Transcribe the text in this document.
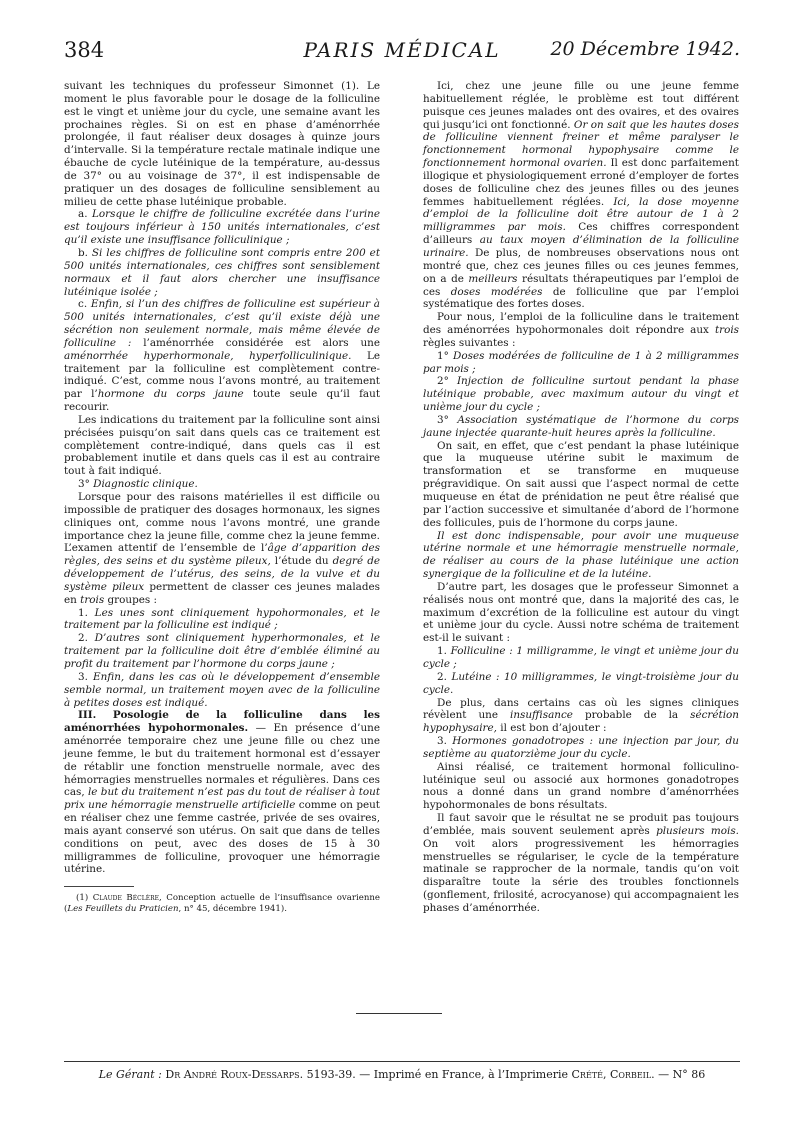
384	PARIS MÉDICAL	20 Décembre 1942.

suivant les techniques du professeur Simonnet (1). Le moment le plus favorable pour le dosage de la folliculine est le vingt et unième jour du cycle, une semaine avant les prochaines règles. Si on est en phase d’aménorrhée prolongée, il faut réaliser deux dosages à quinze jours d’intervalle. Si la température rectale matinale indique une ébauche de cycle lutéinique de la température, au-dessus de 37° ou au voisinage de 37°, il est indispensable de pratiquer un des dosages de folliculine sensiblement au milieu de cette phase lutéinique probable.

a. Lorsque le chiffre de folliculine excrétée dans l’urine est toujours inférieur à 150 unités internationales, c’est qu’il existe une insuffisance folliculinique ;

b. Si les chiffres de folliculine sont compris entre 200 et 500 unités internationales, ces chiffres sont sensiblement normaux et il faut alors chercher une insuffisance lutéinique isolée ;

c. Enfin, si l’un des chiffres de folliculine est supérieur à 500 unités internationales, c’est qu’il existe déjà une sécrétion non seulement normale, mais même élevée de folliculine : l’aménorrhée considérée est alors une aménorrhée hyperhormonale, hyperfolliculinique. Le traitement par la folliculine est complètement contre-indiqué. C’est, comme nous l’avons montré, au traitement par l’hormone du corps jaune toute seule qu’il faut recourir.

Les indications du traitement par la folliculine sont ainsi précisées puisqu’on sait dans quels cas ce traitement est complètement contre-indiqué, dans quels cas il est probablement inutile et dans quels cas il est au contraire tout à fait indiqué.

3° Diagnostic clinique.

Lorsque pour des raisons matérielles il est difficile ou impossible de pratiquer des dosages hormonaux, les signes cliniques ont, comme nous l’avons montré, une grande importance chez la jeune fille, comme chez la jeune femme. L’examen attentif de l’ensemble de l’âge d’apparition des règles, des seins et du système pileux, l’étude du degré de développement de l’utérus, des seins, de la vulve et du système pileux permettent de classer ces jeunes malades en trois groupes :

1. Les unes sont cliniquement hypohormonales, et le traitement par la folliculine est indiqué ;

2. D’autres sont cliniquement hyperhormonales, et le traitement par la folliculine doit être d’emblée éliminé au profit du traitement par l’hormone du corps jaune ;

3. Enfin, dans les cas où le développement d’ensemble semble normal, un traitement moyen avec de la folliculine à petites doses est indiqué.

III. Posologie de la folliculine dans les aménorrhées hypohormonales. — En présence d’une aménorrée temporaire chez une jeune fille ou chez une jeune femme, le but du traitement hormonal est d’essayer de rétablir une fonction menstruelle normale, avec des hémorragies menstruelles normales et régulières. Dans ces cas, le but du traitement n’est pas du tout de réaliser à tout prix une hémorragie menstruelle artificielle comme on peut en réaliser chez une femme castrée, privée de ses ovaires, mais ayant conservé son utérus. On sait que dans de telles conditions on peut, avec des doses de 15 à 30 milligrammes de folliculine, provoquer une hémorragie utérine.

(1) Claude Béclère, Conception actuelle de l’insuffisance ovarienne (Les Feuillets du Praticien, n° 45, décembre 1941).

Ici, chez une jeune fille ou une jeune femme habituellement réglée, le problème est tout différent puisque ces jeunes malades ont des ovaires, et des ovaires qui jusqu’ici ont fonctionné. Or on sait que les hautes doses de folliculine viennent freiner et même paralyser le fonctionnement hormonal hypophysaire comme le fonctionnement hormonal ovarien. Il est donc parfaitement illogique et physiologiquement erroné d’employer de fortes doses de folliculine chez des jeunes filles ou des jeunes femmes habituellement réglées. Ici, la dose moyenne d’emploi de la folliculine doit être autour de 1 à 2 milligrammes par mois. Ces chiffres correspondent d’ailleurs au taux moyen d’élimination de la folliculine urinaire. De plus, de nombreuses observations nous ont montré que, chez ces jeunes filles ou ces jeunes femmes, on a de meilleurs résultats thérapeutiques par l’emploi de ces doses modérées de folliculine que par l’emploi systématique des fortes doses.

Pour nous, l’emploi de la folliculine dans le traitement des aménorrées hypohormonales doit répondre aux trois règles suivantes :

1° Doses modérées de folliculine de 1 à 2 milligrammes par mois ;

2° Injection de folliculine surtout pendant la phase lutéinique probable, avec maximum autour du vingt et unième jour du cycle ;

3° Association systématique de l’hormone du corps jaune injectée quarante-huit heures après la folliculine.

On sait, en effet, que c’est pendant la phase lutéinique que la muqueuse utérine subit le maximum de transformation et se transforme en muqueuse prégravidique. On sait aussi que l’aspect normal de cette muqueuse en état de prénidation ne peut être réalisé que par l’action successive et simultanée d’abord de l’hormone des follicules, puis de l’hormone du corps jaune.

Il est donc indispensable, pour avoir une muqueuse utérine normale et une hémorragie menstruelle normale, de réaliser au cours de la phase lutéinique une action synergique de la folliculine et de la lutéine.

D’autre part, les dosages que le professeur Simonnet a réalisés nous ont montré que, dans la majorité des cas, le maximum d’excrétion de la folliculine est autour du vingt et unième jour du cycle. Aussi notre schéma de traitement est-il le suivant :

1. Folliculine : 1 milligramme, le vingt et unième jour du cycle ;

2. Lutéine : 10 milligrammes, le vingt-troisième jour du cycle.

De plus, dans certains cas où les signes cliniques révèlent une insuffisance probable de la sécrétion hypophysaire, il est bon d’ajouter :

3. Hormones gonadotropes : une injection par jour, du septième au quatorzième jour du cycle.

Ainsi réalisé, ce traitement hormonal folliculino-lutéinique seul ou associé aux hormones gonadotropes nous a donné dans un grand nombre d’aménorrhées hypohormonales de bons résultats.

Il faut savoir que le résultat ne se produit pas toujours d’emblée, mais souvent seulement après plusieurs mois. On voit alors progressivement les hémorragies menstruelles se régulariser, le cycle de la température matinale se rapprocher de la normale, tandis qu’on voit disparaître toute la série des troubles fonctionnels (gonflement, frilosité, acrocyanose) qui accompagnaient les phases d’aménorrhée.

Le Gérant : Dr André Roux-Dessarps. 5193-39. — Imprimé en France, à l’Imprimerie Crété, Corbeil. — N° 86
